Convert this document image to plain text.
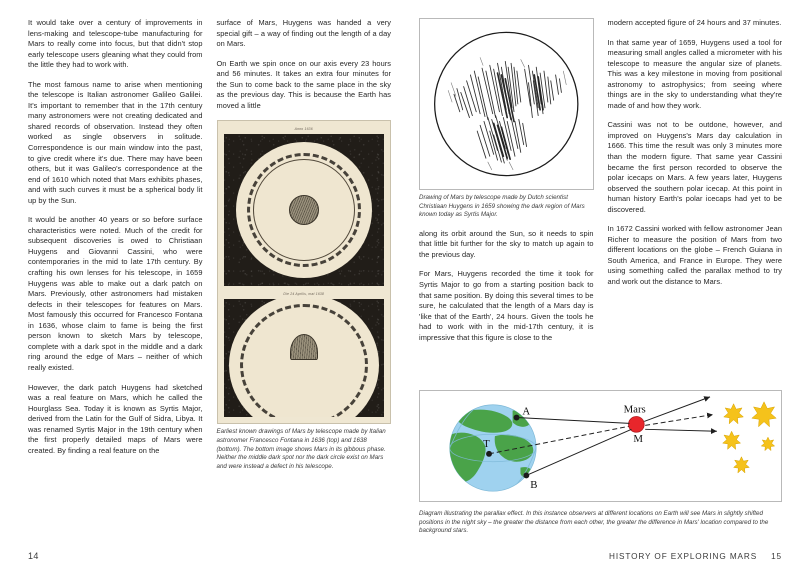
It would take over a century of improvements in lens-making and telescope-tube manufacturing for Mars to really come into focus, but that didn't stop early telescope users gleaning what they could from the little they had to work with.

The most famous name to arise when mentioning the telescope is Italian astronomer Galileo Galilei. It's important to remember that in the 17th century many astronomers were not creating dedicated and shared records of observation. Instead they often worked as single observers in solitude. Correspondence is our main window into the past, to give credit where it's due. There may have been others, but it was Galileo's correspondence at the end of 1610 which noted that Mars exhibits phases, and with such curves it must be a spherical body lit up by the Sun.

It would be another 40 years or so before surface characteristics were noted. Much of the credit for subsequent discoveries is owed to Christiaan Huygens and Giovanni Cassini, who were contemporaries in the mid to late 17th century. By crafting his own lenses for his telescope, in 1659 Huygens was able to make out a dark patch on Mars. Previously, other astronomers had mistaken defects in their telescopes for features on Mars. Most famously this occurred for Francesco Fontana in 1636, whose claim to fame is being the first person known to sketch Mars by telescope, complete with a dark spot in the middle and a dark ring around the edge of Mars – neither of which really existed.

However, the dark patch Huygens had sketched was a real feature on Mars, which he called the Hourglass Sea. Today it is known as Syrtis Major, derived from the Latin for the Gulf of Sidra, Libya. It was renamed Syrtis Major in the 19th century when the first properly detailed maps of Mars were created. By finding a real feature on the

surface of Mars, Huygens was handed a very special gift – a way of finding out the length of a day on Mars.

On Earth we spin once on our axis every 23 hours and 56 minutes. It takes an extra four minutes for the Sun to come back to the same place in the sky as the previous day. This is because the Earth has moved a little

Anno 1636
Die 24 Aprilis, mat 1638
Earliest known drawings of Mars by telescope made by Italian astronomer Francesco Fontana in 1636 (top) and 1638 (bottom). The bottom image shows Mars in its gibbous phase. Neither the middle dark spot nor the dark circle exist on Mars and were instead a defect in his telescope.
14
Drawing of Mars by telescope made by Dutch scientist Christiaan Huygens in 1659 showing the dark region of Mars known today as Syrtis Major.

along its orbit around the Sun, so it needs to spin that little bit further for the sky to match up again to the previous day.

For Mars, Huygens recorded the time it took for Syrtis Major to go from a starting position back to that same position. By doing this several times to be sure, he calculated that the length of a Mars day is 'like that of the Earth', 24 hours. Given the tools he had to work with in the mid-17th century, it is impressive that this figure is close to the

modern accepted figure of 24 hours and 37 minutes.

In that same year of 1659, Huygens used a tool for measuring small angles called a micrometer with his telescope to measure the angular size of planets. This was a key milestone in moving from positional astronomy to astrophysics; from seeing where things are in the sky to understanding what they're made of and how they work.

Cassini was not to be outdone, however, and improved on Huygens's Mars day calculation in 1666. This time the result was only 3 minutes more than the modern figure. That same year Cassini became the first person recorded to observe the polar icecaps on Mars. A few years later, Huygens observed the southern polar icecap. At this point in human history Earth's polar icecaps had yet to be discovered.

In 1672 Cassini worked with fellow astronomer Jean Richer to measure the position of Mars from two different locations on the globe – French Guiana in South America, and France in Europe. They were using something called the parallax method to try and work out the distance to Mars.

A
B
T
Mars
M
Diagram illustrating the parallax effect. In this instance observers at different locations on Earth will see Mars in slightly shifted positions in the night sky – the greater the distance from each other, the greater the difference in Mars' location compared to the background stars.
HISTORY OF EXPLORING MARS 15
